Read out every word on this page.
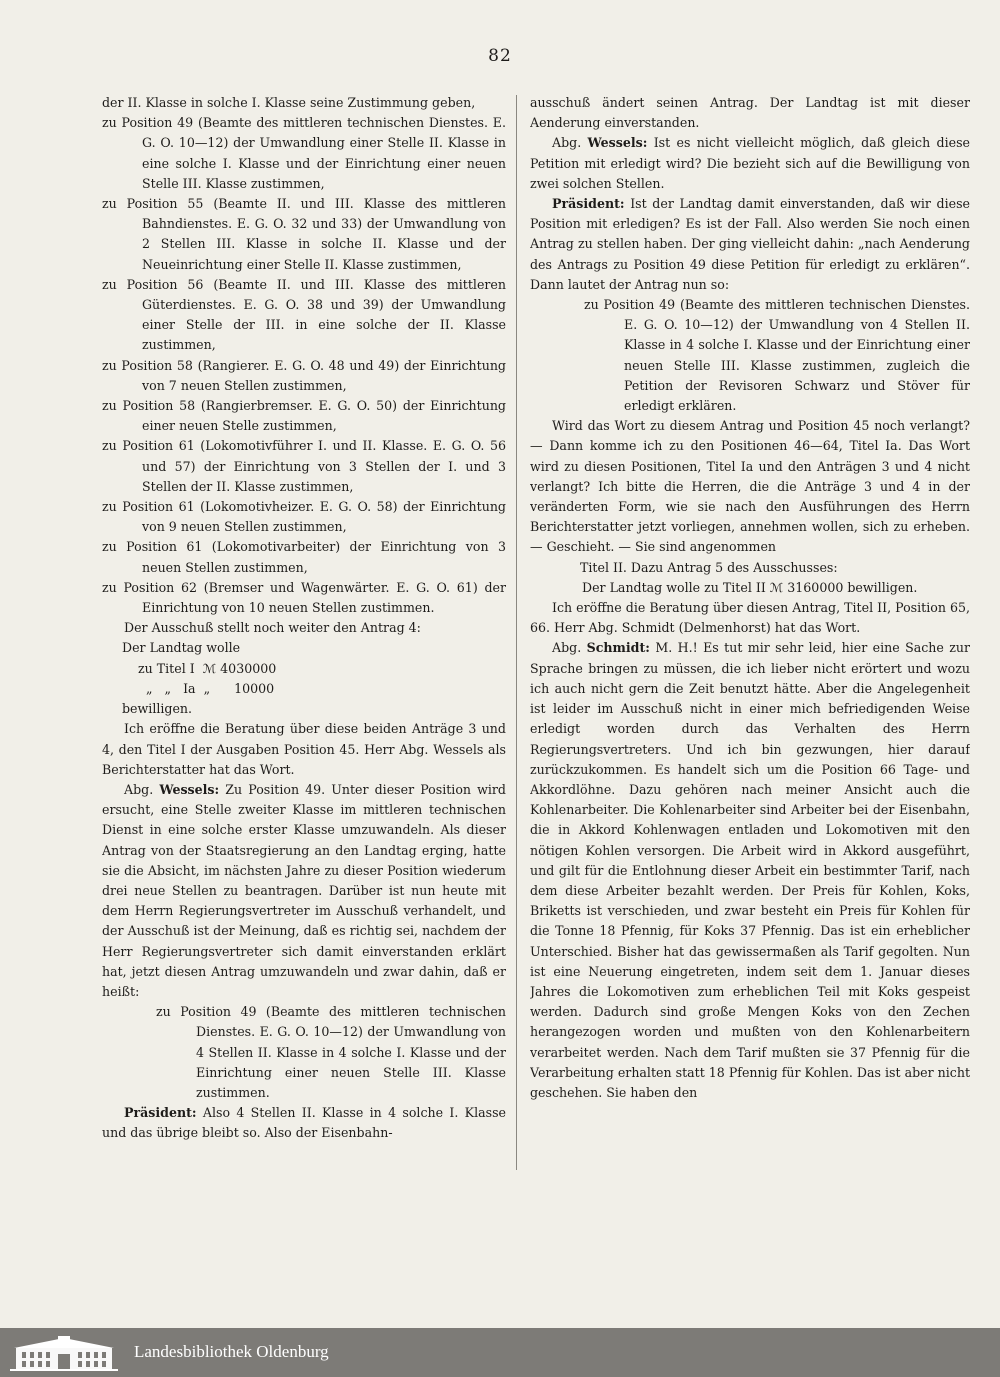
82

der II. Klasse in solche I. Klasse seine Zustimmung geben,

zu Position 49 (Beamte des mittleren technischen Dienstes. E. G. O. 10—12) der Umwandlung einer Stelle II. Klasse in eine solche I. Klasse und der Einrichtung einer neuen Stelle III. Klasse zustimmen,

zu Position 55 (Beamte II. und III. Klasse des mittleren Bahndienstes. E. G. O. 32 und 33) der Umwandlung von 2 Stellen III. Klasse in solche II. Klasse und der Neueinrichtung einer Stelle II. Klasse zustimmen,

zu Position 56 (Beamte II. und III. Klasse des mittleren Güterdienstes. E. G. O. 38 und 39) der Umwandlung einer Stelle der III. in eine solche der II. Klasse zustimmen,

zu Position 58 (Rangierer. E. G. O. 48 und 49) der Einrichtung von 7 neuen Stellen zustimmen,

zu Position 58 (Rangierbremser. E. G. O. 50) der Einrichtung einer neuen Stelle zustimmen,

zu Position 61 (Lokomotivführer I. und II. Klasse. E. G. O. 56 und 57) der Einrichtung von 3 Stellen der I. und 3 Stellen der II. Klasse zustimmen,

zu Position 61 (Lokomotivheizer. E. G. O. 58) der Einrichtung von 9 neuen Stellen zustimmen,

zu Position 61 (Lokomotivarbeiter) der Einrichtung von 3 neuen Stellen zustimmen,

zu Position 62 (Bremser und Wagenwärter. E. G. O. 61) der Einrichtung von 10 neuen Stellen zustimmen.

Der Ausschuß stellt noch weiter den Antrag 4:

Der Landtag wolle

zu Titel I  ℳ 4030000

„   „   Ia  „      10000

bewilligen.

Ich eröffne die Beratung über diese beiden Anträge 3 und 4, den Titel I der Ausgaben Position 45. Herr Abg. Wessels als Berichterstatter hat das Wort.

Abg. Wessels: Zu Position 49. Unter dieser Position wird ersucht, eine Stelle zweiter Klasse im mittleren technischen Dienst in eine solche erster Klasse umzuwandeln. Als dieser Antrag von der Staatsregierung an den Landtag erging, hatte sie die Absicht, im nächsten Jahre zu dieser Position wiederum drei neue Stellen zu beantragen. Darüber ist nun heute mit dem Herrn Regierungsvertreter im Ausschuß verhandelt, und der Ausschuß ist der Meinung, daß es richtig sei, nachdem der Herr Regierungsvertreter sich damit einverstanden erklärt hat, jetzt diesen Antrag umzuwandeln und zwar dahin, daß er heißt:

zu Position 49 (Beamte des mittleren technischen Dienstes. E. G. O. 10—12) der Umwandlung von 4 Stellen II. Klasse in 4 solche I. Klasse und der Einrichtung einer neuen Stelle III. Klasse zustimmen.

Präsident: Also 4 Stellen II. Klasse in 4 solche I. Klasse und das übrige bleibt so. Also der Eisenbahn-

ausschuß ändert seinen Antrag. Der Landtag ist mit dieser Aenderung einverstanden.

Abg. Wessels: Ist es nicht vielleicht möglich, daß gleich diese Petition mit erledigt wird? Die bezieht sich auf die Bewilligung von zwei solchen Stellen.

Präsident: Ist der Landtag damit einverstanden, daß wir diese Position mit erledigen? Es ist der Fall. Also werden Sie noch einen Antrag zu stellen haben. Der ging vielleicht dahin: „nach Aenderung des Antrags zu Position 49 diese Petition für erledigt zu erklären“. Dann lautet der Antrag nun so:

zu Position 49 (Beamte des mittleren technischen Dienstes. E. G. O. 10—12) der Umwandlung von 4 Stellen II. Klasse in 4 solche I. Klasse und der Einrichtung einer neuen Stelle III. Klasse zustimmen, zugleich die Petition der Revisoren Schwarz und Stöver für erledigt erklären.

Wird das Wort zu diesem Antrag und Position 45 noch verlangt? — Dann komme ich zu den Positionen 46—64, Titel Ia. Das Wort wird zu diesen Positionen, Titel Ia und den Anträgen 3 und 4 nicht verlangt? Ich bitte die Herren, die die Anträge 3 und 4 in der veränderten Form, wie sie nach den Ausführungen des Herrn Berichterstatter jetzt vorliegen, annehmen wollen, sich zu erheben. — Geschieht. — Sie sind angenommen

Titel II. Dazu Antrag 5 des Ausschusses:

Der Landtag wolle zu Titel II ℳ 3160000 bewilligen.

Ich eröffne die Beratung über diesen Antrag, Titel II, Position 65, 66. Herr Abg. Schmidt (Delmenhorst) hat das Wort.

Abg. Schmidt: M. H.! Es tut mir sehr leid, hier eine Sache zur Sprache bringen zu müssen, die ich lieber nicht erörtert und wozu ich auch nicht gern die Zeit benutzt hätte. Aber die Angelegenheit ist leider im Ausschuß nicht in einer mich befriedigenden Weise erledigt worden durch das Verhalten des Herrn Regierungsvertreters. Und ich bin gezwungen, hier darauf zurückzukommen. Es handelt sich um die Position 66 Tage- und Akkordlöhne. Dazu gehören nach meiner Ansicht auch die Kohlenarbeiter. Die Kohlenarbeiter sind Arbeiter bei der Eisenbahn, die in Akkord Kohlenwagen entladen und Lokomotiven mit den nötigen Kohlen versorgen. Die Arbeit wird in Akkord ausgeführt, und gilt für die Entlohnung dieser Arbeit ein bestimmter Tarif, nach dem diese Arbeiter bezahlt werden. Der Preis für Kohlen, Koks, Briketts ist verschieden, und zwar besteht ein Preis für Kohlen für die Tonne 18 Pfennig, für Koks 37 Pfennig. Das ist ein erheblicher Unterschied. Bisher hat das gewissermaßen als Tarif gegolten. Nun ist eine Neuerung eingetreten, indem seit dem 1. Januar dieses Jahres die Lokomotiven zum erheblichen Teil mit Koks gespeist werden. Dadurch sind große Mengen Koks von den Zechen herangezogen worden und mußten von den Kohlenarbeitern verarbeitet werden. Nach dem Tarif mußten sie 37 Pfennig für die Verarbeitung erhalten statt 18 Pfennig für Kohlen. Das ist aber nicht geschehen. Sie haben den

Landesbibliothek Oldenburg
